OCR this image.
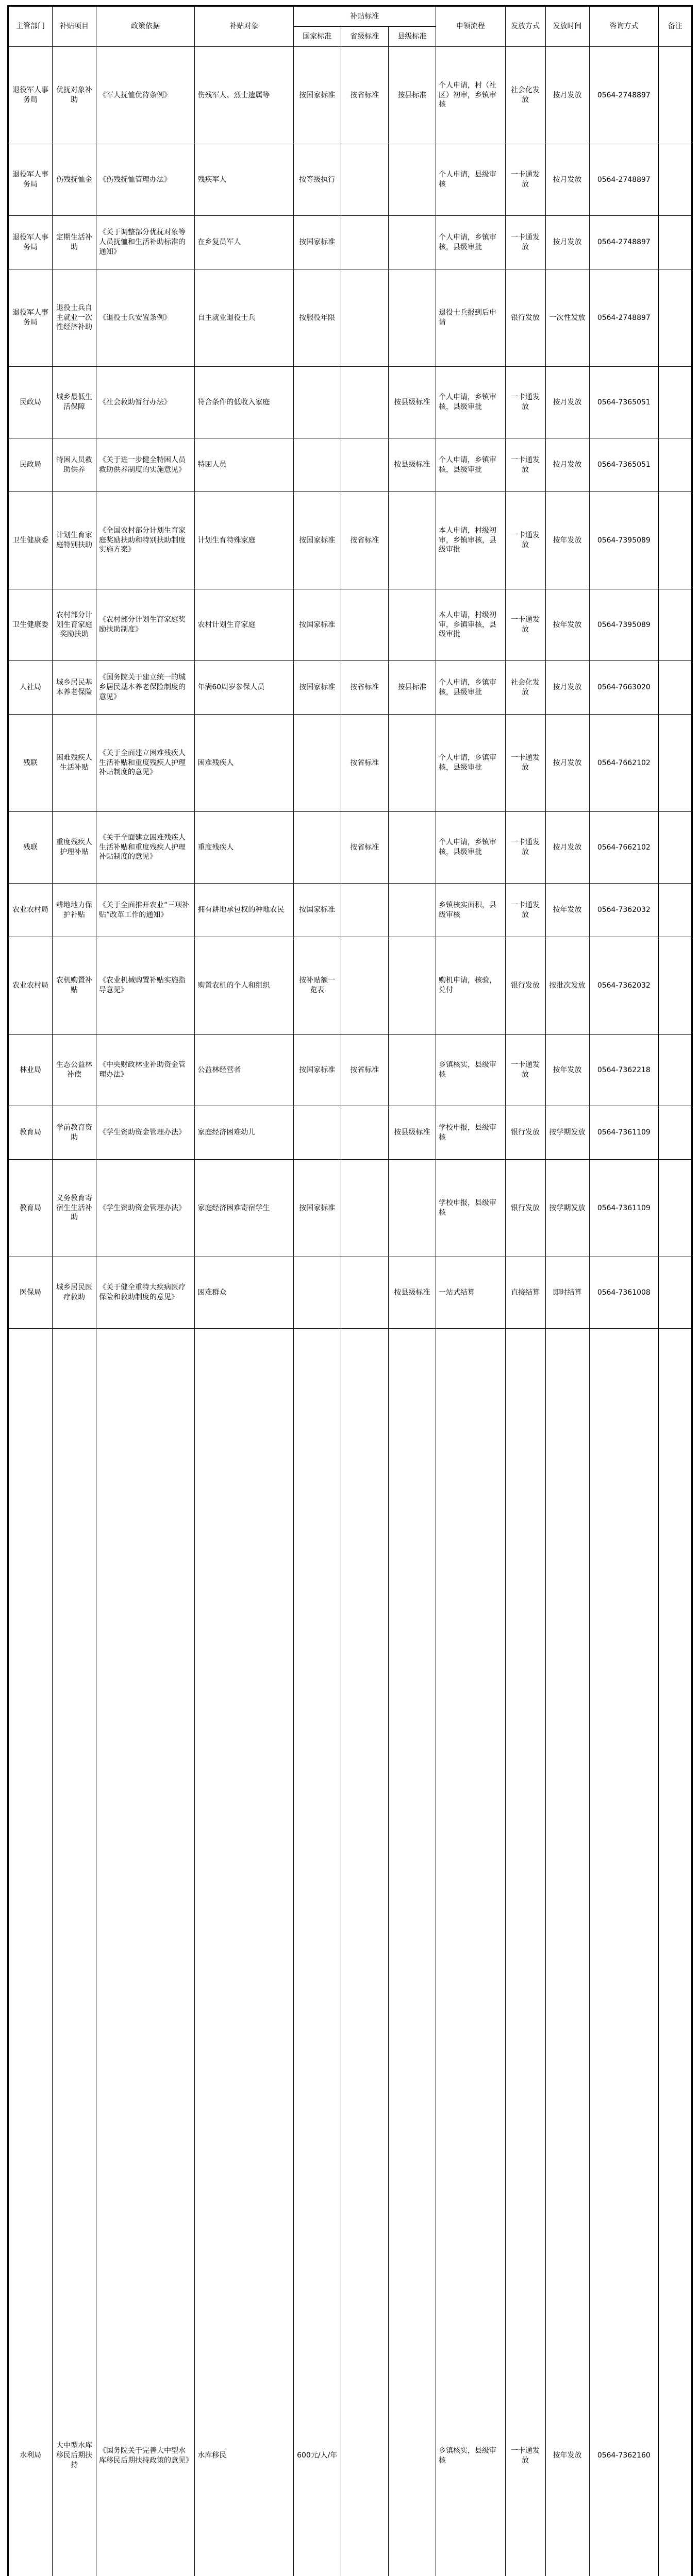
主管部门	补贴项目	政策依据	补贴对象	补贴标准			申领流程	发放方式	发放时间	咨询方式	备注
				国家标准	省级标准	县级标准					
退役军人事务局	优抚对象补助	《军人抚恤优待条例》	伤残军人、烈士遗属等	按国家标准	按省标准	按县标准	个人申请，村（社区）初审，乡镇审核	社会化发放	按月发放	0564-2748897	
退役军人事务局	伤残抚恤金	《伤残抚恤管理办法》	残疾军人	按等级执行			个人申请，县级审核	一卡通发放	按月发放	0564-2748897	
退役军人事务局	定期生活补助	《关于调整部分优抚对象等人员抚恤和生活补助标准的通知》	在乡复员军人	按国家标准			个人申请，乡镇审核，县级审批	一卡通发放	按月发放	0564-2748897	
退役军人事务局	退役士兵自主就业一次性经济补助	《退役士兵安置条例》	自主就业退役士兵	按服役年限			退役士兵报到后申请	银行发放	一次性发放	0564-2748897	
民政局	城乡最低生活保障	《社会救助暂行办法》	符合条件的低收入家庭			按县级标准	个人申请，乡镇审核，县级审批	一卡通发放	按月发放	0564-7365051	
民政局	特困人员救助供养	《关于进一步健全特困人员救助供养制度的实施意见》	特困人员			按县级标准	个人申请，乡镇审核，县级审批	一卡通发放	按月发放	0564-7365051	
卫生健康委	计划生育家庭特别扶助	《全国农村部分计划生育家庭奖励扶助和特别扶助制度实施方案》	计划生育特殊家庭	按国家标准	按省标准		本人申请，村级初审，乡镇审核，县级审批	一卡通发放	按年发放	0564-7395089	
卫生健康委	农村部分计划生育家庭奖励扶助	《农村部分计划生育家庭奖励扶助制度》	农村计划生育家庭	按国家标准			本人申请，村级初审，乡镇审核，县级审批	一卡通发放	按年发放	0564-7395089	
人社局	城乡居民基本养老保险	《国务院关于建立统一的城乡居民基本养老保险制度的意见》	年满60周岁参保人员	按国家标准	按省标准	按县标准	个人申请，乡镇审核，县级审批	社会化发放	按月发放	0564-7663020	
残联	困难残疾人生活补贴	《关于全面建立困难残疾人生活补贴和重度残疾人护理补贴制度的意见》	困难残疾人		按省标准		个人申请，乡镇审核，县级审批	一卡通发放	按月发放	0564-7662102	
残联	重度残疾人护理补贴	《关于全面建立困难残疾人生活补贴和重度残疾人护理补贴制度的意见》	重度残疾人		按省标准		个人申请，乡镇审核，县级审批	一卡通发放	按月发放	0564-7662102	
农业农村局	耕地地力保护补贴	《关于全面推开农业“三项补贴”改革工作的通知》	拥有耕地承包权的种地农民	按国家标准			乡镇核实面积，县级审核	一卡通发放	按年发放	0564-7362032	
农业农村局	农机购置补贴	《农业机械购置补贴实施指导意见》	购置农机的个人和组织	按补贴额一览表			购机申请，核验，兑付	银行发放	按批次发放	0564-7362032	
林业局	生态公益林补偿	《中央财政林业补助资金管理办法》	公益林经营者	按国家标准	按省标准		乡镇核实，县级审核	一卡通发放	按年发放	0564-7362218	
教育局	学前教育资助	《学生资助资金管理办法》	家庭经济困难幼儿			按县级标准	学校申报，县级审核	银行发放	按学期发放	0564-7361109	
教育局	义务教育寄宿生生活补助	《学生资助资金管理办法》	家庭经济困难寄宿学生	按国家标准			学校申报，县级审核	银行发放	按学期发放	0564-7361109	
医保局	城乡居民医疗救助	《关于健全重特大疾病医疗保险和救助制度的意见》	困难群众			按县级标准	一站式结算	直接结算	即时结算	0564-7361008	
水利局	大中型水库移民后期扶持	《国务院关于完善大中型水库移民后期扶持政策的意见》	水库移民	600元/人/年			乡镇核实，县级审核	一卡通发放	按年发放	0564-7362160	
